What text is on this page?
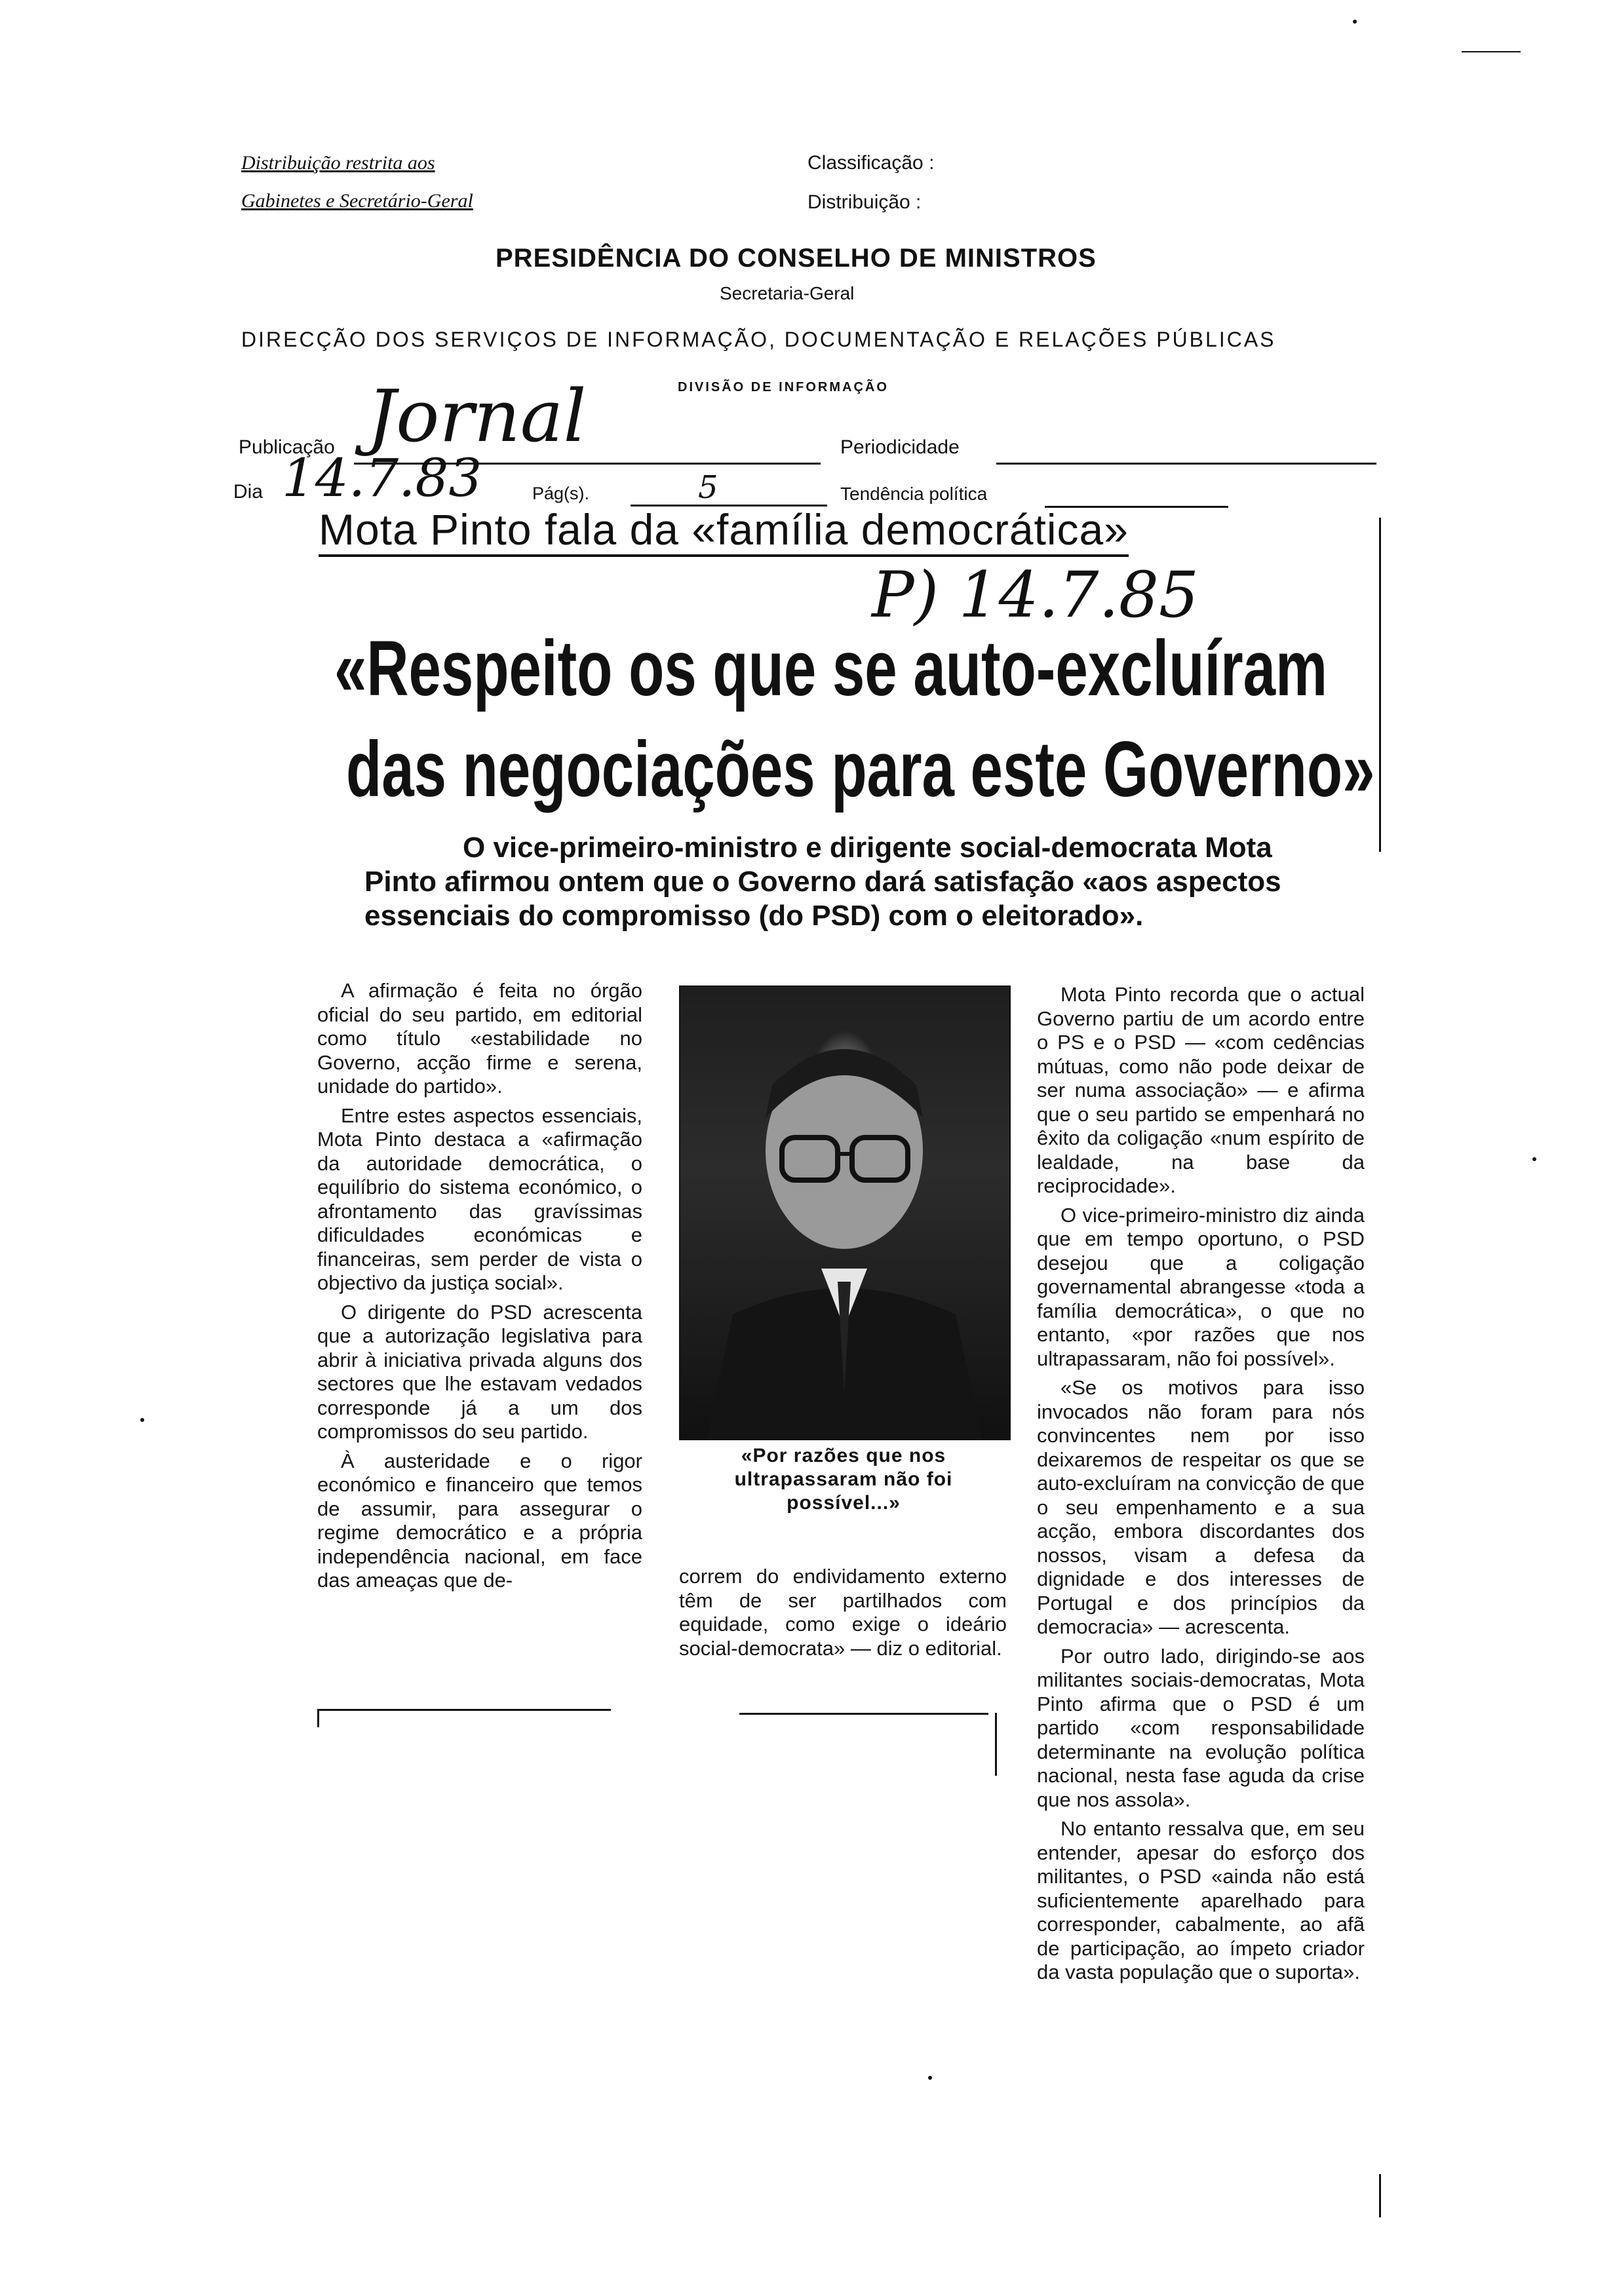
Distribuição restrita aos
Gabinetes e Secretário-Geral
Classificação :
Distribuição :
PRESIDÊNCIA DO CONSELHO DE MINISTROS
Secretaria-Geral
DIRECÇÃO DOS SERVIÇOS DE INFORMAÇÃO, DOCUMENTAÇÃO E RELAÇÕES PÚBLICAS
DIVISÃO DE INFORMAÇÃO
Publicação Jornal	Periodicidade
Dia 14.7.83	Pág(s).	5	Tendência política
Mota Pinto fala da «família democrática»
P) 14.7.85
«Respeito os que se auto-excluíram
das negociações para este Governo»
O vice-primeiro-ministro e dirigente social-democrata Mota Pinto afirmou ontem que o Governo dará satisfação «aos aspectos essenciais do compromisso (do PSD) com o eleitorado».

A afirmação é feita no órgão oficial do seu partido, em editorial como título «estabilidade no Governo, acção firme e serena, unidade do partido».

Entre estes aspectos essenciais, Mota Pinto destaca a «afirmação da autoridade democrática, o equilíbrio do sistema económico, o afrontamento das gravíssimas dificuldades económicas e financeiras, sem perder de vista o objectivo da justiça social».

O dirigente do PSD acrescenta que a autorização legislativa para abrir à iniciativa privada alguns dos sectores que lhe estavam vedados corresponde já a um dos compromissos do seu partido.

À austeridade e o rigor económico e financeiro que temos de assumir, para assegurar o regime democrático e a própria independência nacional, em face das ameaças que de-

«Por razões que nos ultrapassaram não foi possível...»

correm do endividamento externo têm de ser partilhados com equidade, como exige o ideário social-democrata» — diz o editorial.

Mota Pinto recorda que o actual Governo partiu de um acordo entre o PS e o PSD — «com cedências mútuas, como não pode deixar de ser numa associação» — e afirma que o seu partido se empenhará no êxito da coligação «num espírito de lealdade, na base da reciprocidade».

O vice-primeiro-ministro diz ainda que em tempo oportuno, o PSD desejou que a coligação governamental abrangesse «toda a família democrática», o que no entanto, «por razões que nos ultrapassaram, não foi possível».

«Se os motivos para isso invocados não foram para nós convincentes nem por isso deixaremos de respeitar os que se auto-excluíram na convicção de que o seu empenhamento e a sua acção, embora discordantes dos nossos, visam a defesa da dignidade e dos interesses de Portugal e dos princípios da democracia» — acrescenta.

Por outro lado, dirigindo-se aos militantes sociais-democratas, Mota Pinto afirma que o PSD é um partido «com responsabilidade determinante na evolução política nacional, nesta fase aguda da crise que nos assola».

No entanto ressalva que, em seu entender, apesar do esforço dos militantes, o PSD «ainda não está suficientemente aparelhado para corresponder, cabalmente, ao afã de participação, ao ímpeto criador da vasta população que o suporta».
